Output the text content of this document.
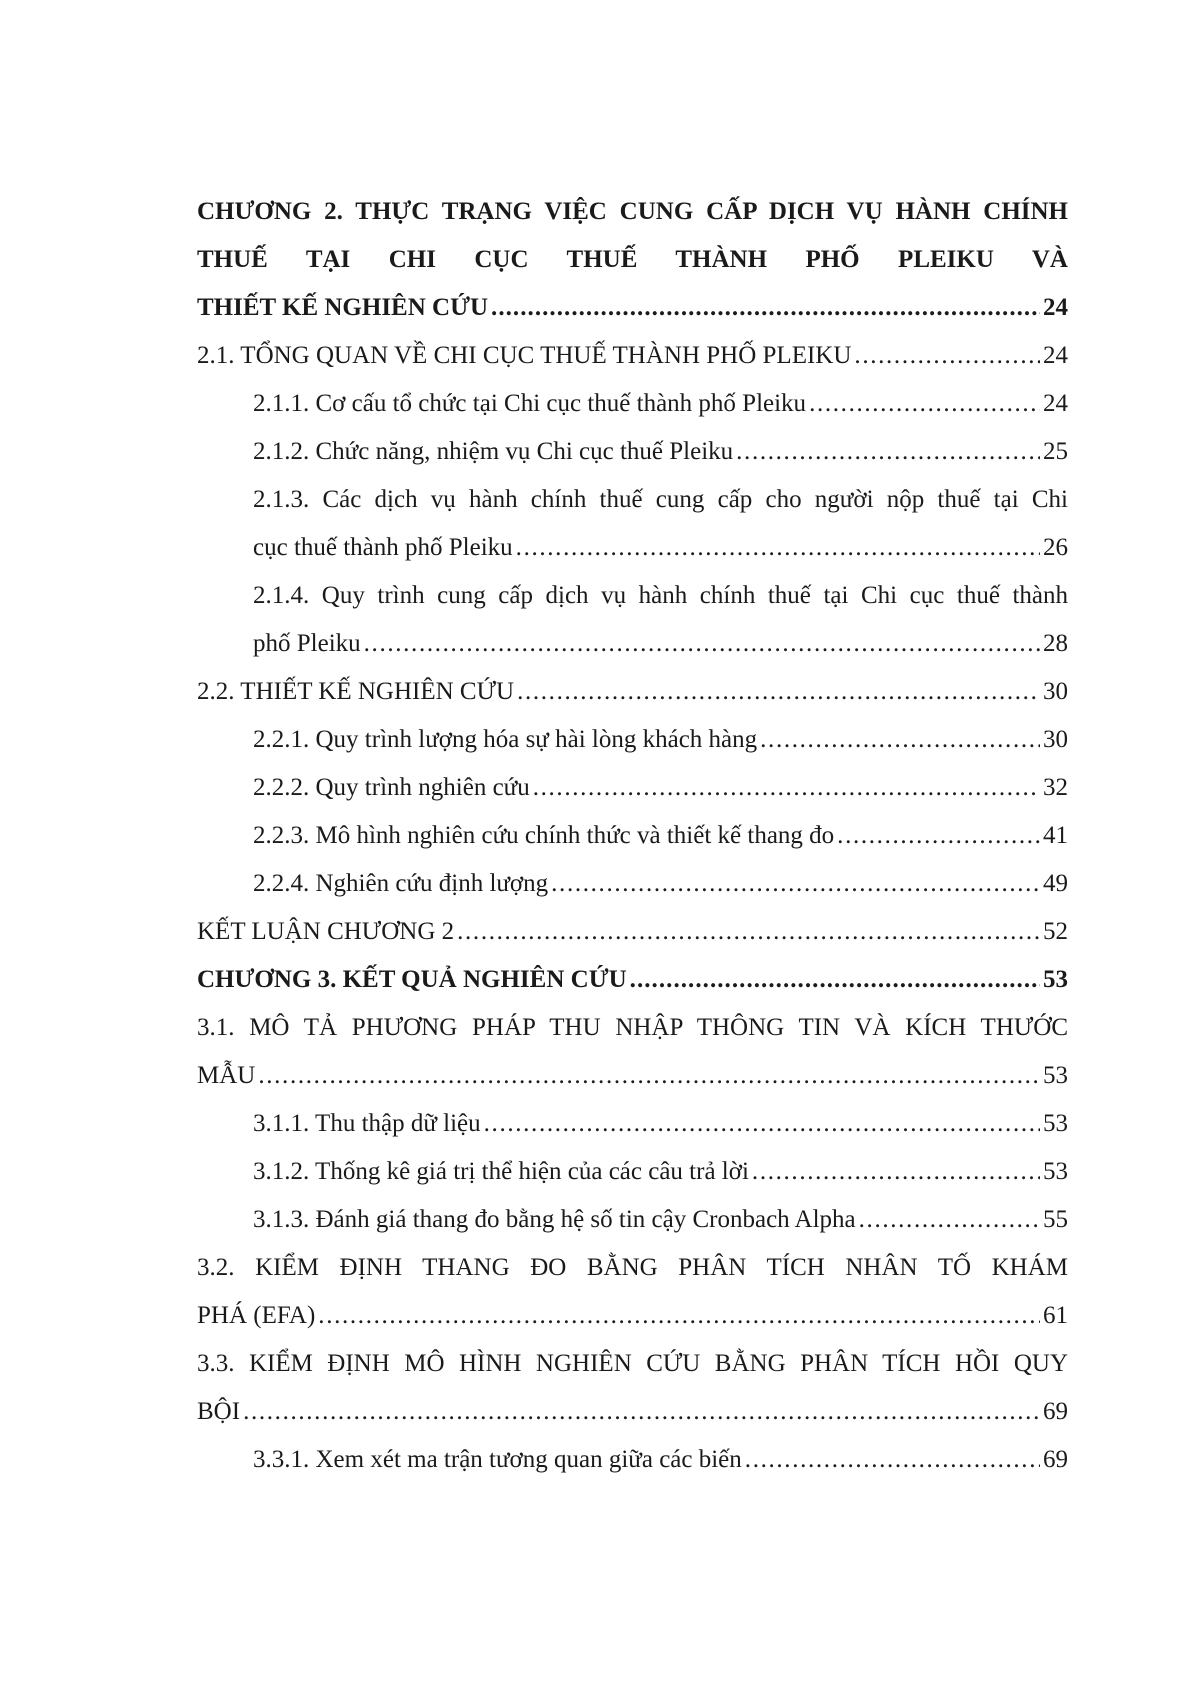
CHƯƠNG 2. THỰC TRẠNG VIỆC CUNG CẤP DỊCH VỤ HÀNH CHÍNH THUẾ TẠI CHI CỤC THUẾ THÀNH PHỐ PLEIKU VÀ
THIẾT KẾ NGHIÊN CỨU . . .	24
2.1. TỔNG QUAN VỀ CHI CỤC THUẾ THÀNH PHỐ PLEIKU . . .	24
2.1.1. Cơ cấu tổ chức tại Chi cục thuế thành phố Pleiku . . .	24
2.1.2. Chức năng, nhiệm vụ Chi cục thuế Pleiku . . .	25
2.1.3. Các dịch vụ hành chính thuế cung cấp cho người nộp thuế tại Chi
cục thuế thành phố Pleiku . . .	26
2.1.4. Quy trình cung cấp dịch vụ hành chính thuế tại Chi cục thuế thành
phố Pleiku . . .	28
2.2. THIẾT KẾ NGHIÊN CỨU . . .	30
2.2.1. Quy trình lượng hóa sự hài lòng khách hàng . . .	30
2.2.2. Quy trình nghiên cứu . . .	32
2.2.3. Mô hình nghiên cứu chính thức và thiết kế thang đo . . .	41
2.2.4. Nghiên cứu định lượng . . .	49
KẾT LUẬN CHƯƠNG 2 . . .	52
CHƯƠNG 3. KẾT QUẢ NGHIÊN CỨU . . .	53
3.1. MÔ TẢ PHƯƠNG PHÁP THU NHẬP THÔNG TIN VÀ KÍCH THƯỚC
MẪU . . .	53
3.1.1. Thu thập dữ liệu . . .	53
3.1.2. Thống kê giá trị thể hiện của các câu trả lời . . .	53
3.1.3. Đánh giá thang đo bằng hệ số tin cậy Cronbach Alpha . . .	55
3.2. KIỂM ĐỊNH THANG ĐO BẰNG PHÂN TÍCH NHÂN TỐ KHÁM
PHÁ (EFA) . . .	61
3.3. KIỂM ĐỊNH MÔ HÌNH NGHIÊN CỨU BẰNG PHÂN TÍCH HỒI QUY
BỘI . . .	69
3.3.1. Xem xét ma trận tương quan giữa các biến . . .	69
